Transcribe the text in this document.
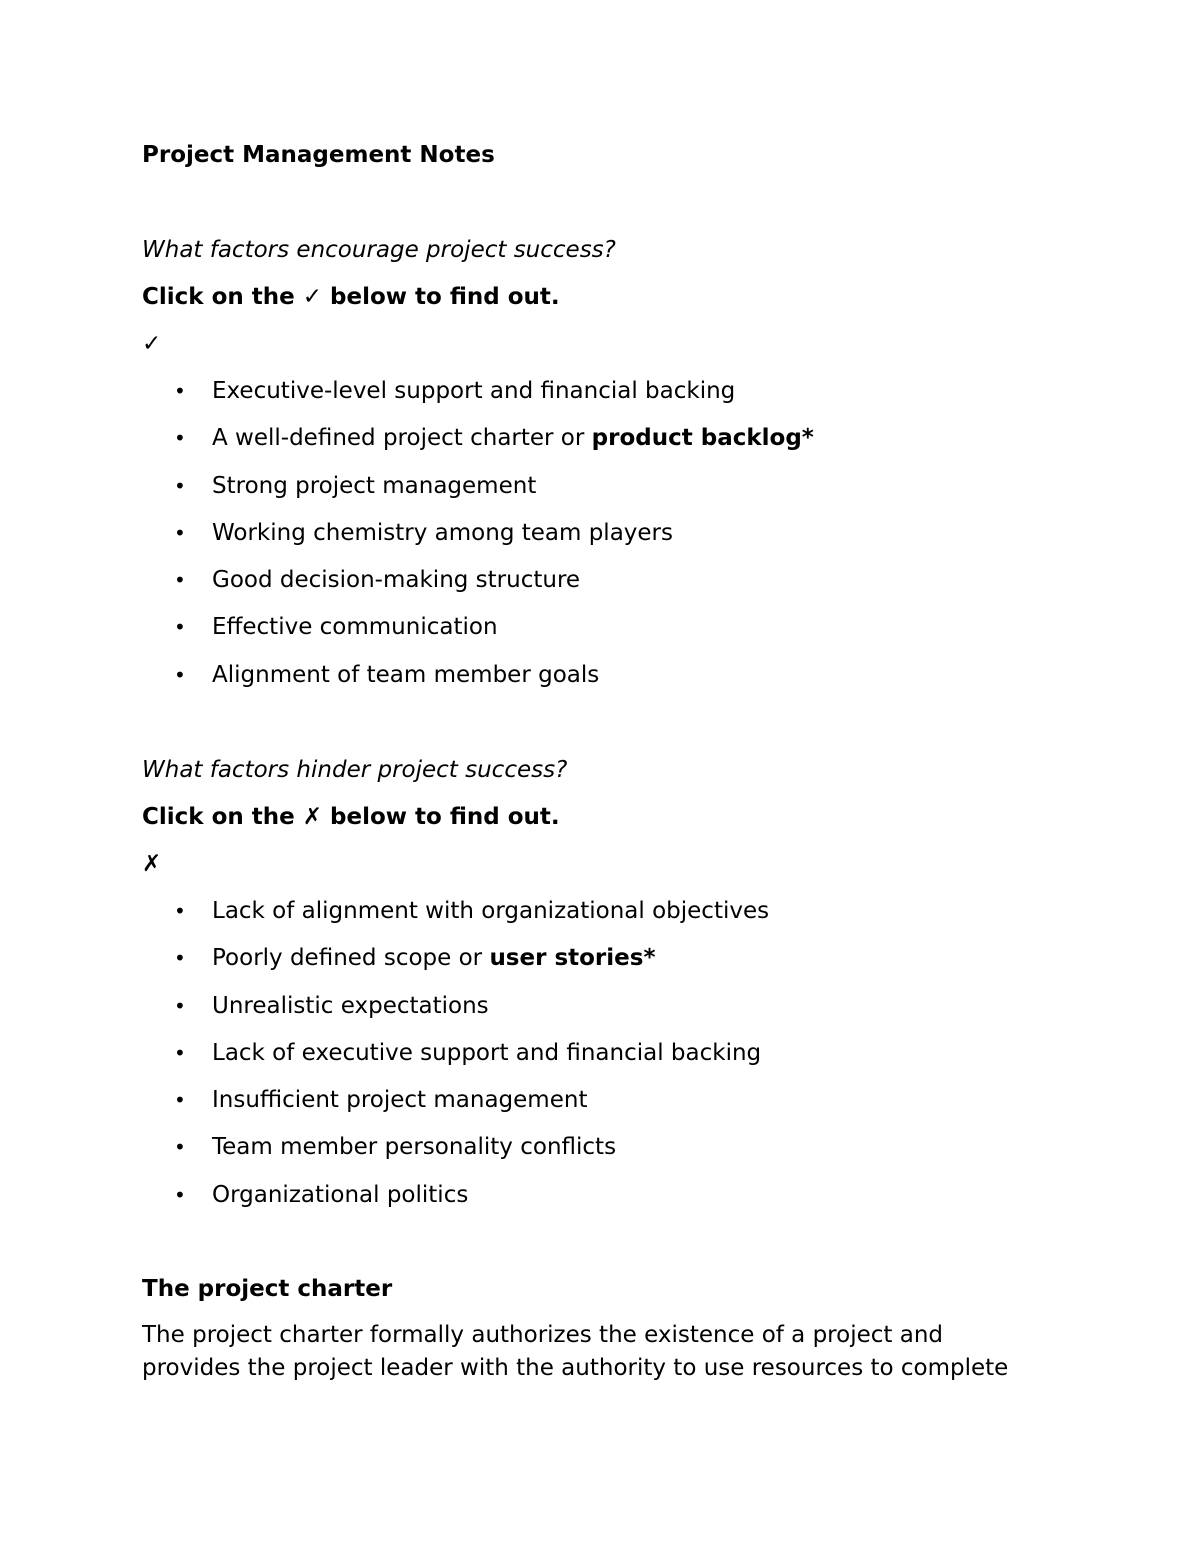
Project Management Notes
What factors encourage project success?
Click on the ✓ below to find out.
✓
• Executive-level support and financial backing
• A well-defined project charter or product backlog*
• Strong project management
• Working chemistry among team players
• Good decision-making structure
• Effective communication
• Alignment of team member goals
What factors hinder project success?
Click on the ✗ below to find out.
✗
• Lack of alignment with organizational objectives
• Poorly defined scope or user stories*
• Unrealistic expectations
• Lack of executive support and financial backing
• Insufficient project management
• Team member personality conflicts
• Organizational politics
The project charter
The project charter formally authorizes the existence of a project and
provides the project leader with the authority to use resources to complete
